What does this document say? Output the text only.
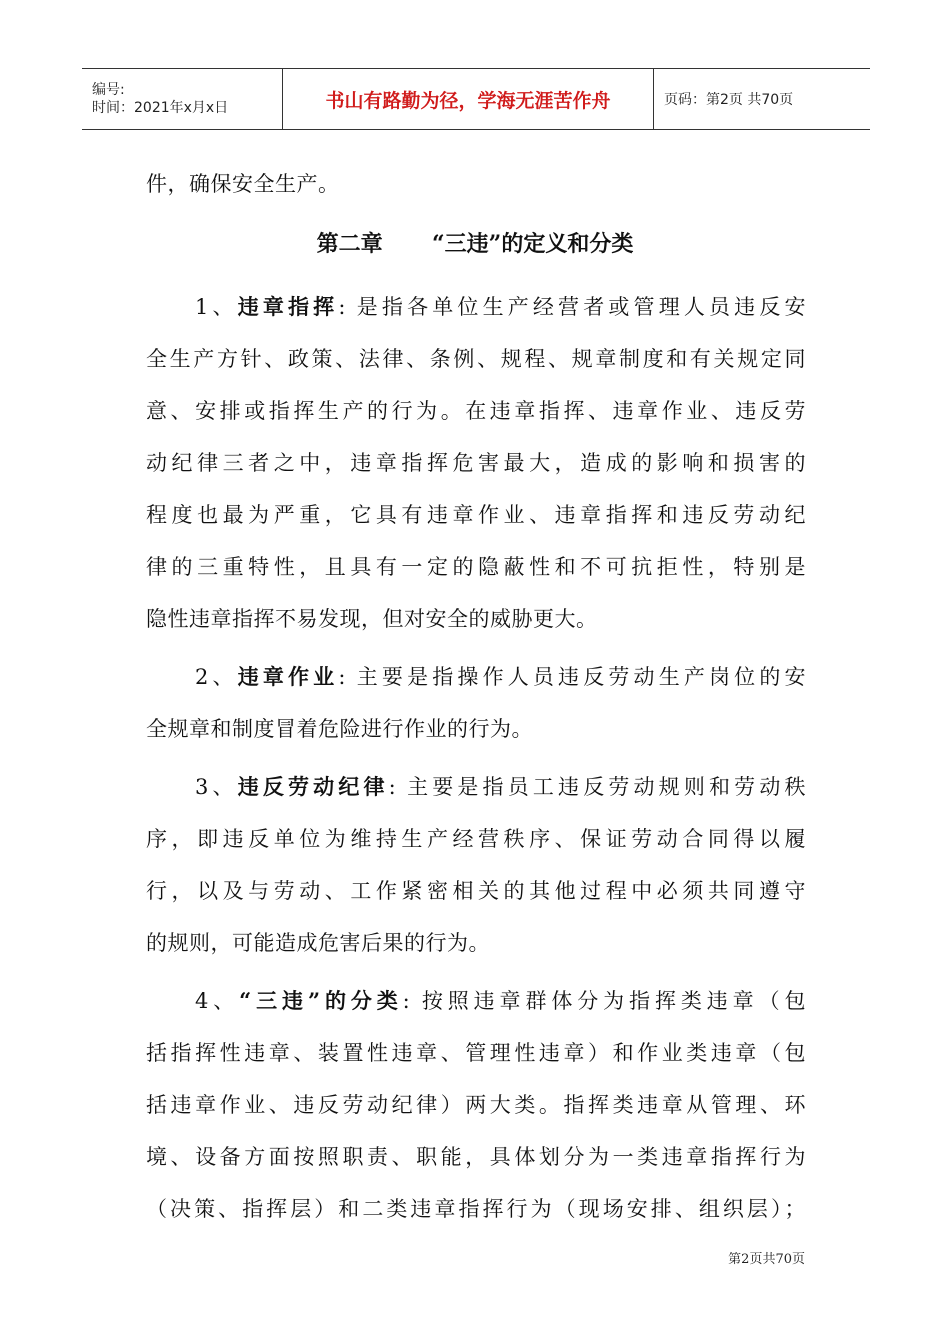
编号:
时间：2021年x月x日	书山有路勤为径，学海无涯苦作舟	页码：第2页 共70页
件，确保安全生产。
第二章 “三违”的定义和分类
1、违章指挥: 是指各单位生产经营者或管理人员违反安
全生产方针、政策、法律、条例、规程、规章制度和有关规定同
意、安排或指挥生产的行为。在违章指挥、违章作业、违反劳
动纪律三者之中，违章指挥危害最大，造成的影响和损害的
程度也最为严重，它具有违章作业、违章指挥和违反劳动纪
律的三重特性，且具有一定的隐蔽性和不可抗拒性，特别是
隐性违章指挥不易发现，但对安全的威胁更大。
2、违章作业: 主要是指操作人员违反劳动生产岗位的安
全规章和制度冒着危险进行作业的行为。
3、违反劳动纪律: 主要是指员工违反劳动规则和劳动秩
序，即违反单位为维持生产经营秩序、保证劳动合同得以履
行，以及与劳动、工作紧密相关的其他过程中必须共同遵守
的规则，可能造成危害后果的行为。
4、“三违”的分类: 按照违章群体分为指挥类违章（包
括指挥性违章、装置性违章、管理性违章）和作业类违章（包
括违章作业、违反劳动纪律）两大类。指挥类违章从管理、环
境、设备方面按照职责、职能，具体划分为一类违章指挥行为
（决策、指挥层）和二类违章指挥行为（现场安排、组织层）；
第2页共70页
